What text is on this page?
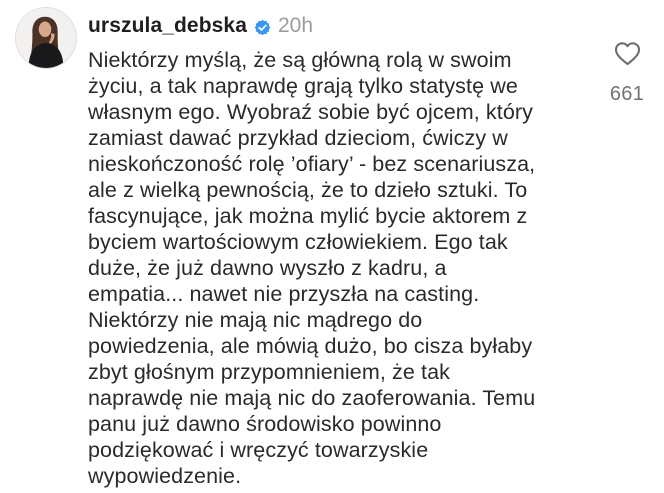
urszula_debska 20h
Niektórzy myślą, że są główną rolą w swoim
życiu, a tak naprawdę grają tylko statystę we
własnym ego. Wyobraź sobie być ojcem, który
zamiast dawać przykład dzieciom, ćwiczy w
nieskończoność rolę ’ofiary’ - bez scenariusza,
ale z wielką pewnością, że to dzieło sztuki. To
fascynujące, jak można mylić bycie aktorem z
byciem wartościowym człowiekiem. Ego tak
duże, że już dawno wyszło z kadru, a
empatia... nawet nie przyszła na casting.
Niektórzy nie mają nic mądrego do
powiedzenia, ale mówią dużo, bo cisza byłaby
zbyt głośnym przypomnieniem, że tak
naprawdę nie mają nic do zaoferowania. Temu
panu już dawno środowisko powinno
podziękować i wręczyć towarzyskie
wypowiedzenie.
661
